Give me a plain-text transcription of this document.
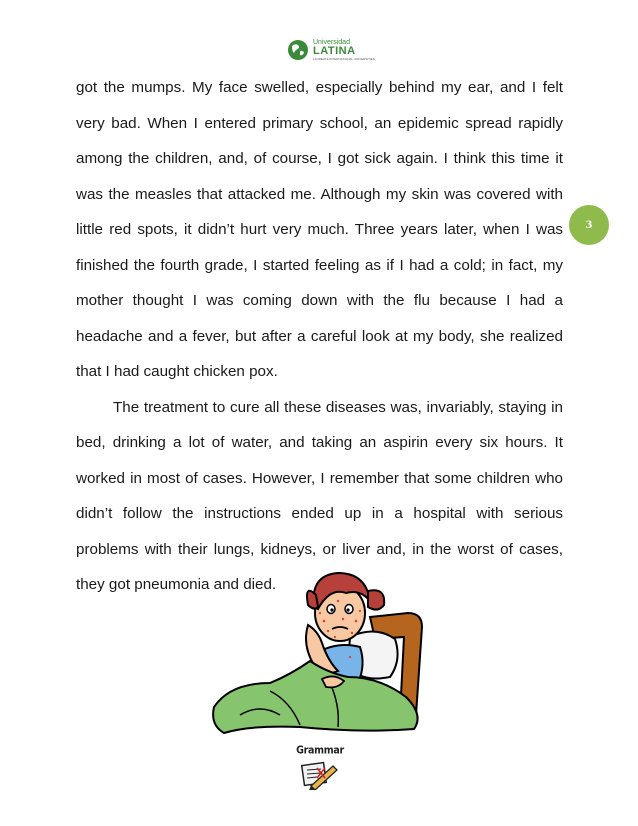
Universidad
LATINA
LAUREATE INTERNATIONAL UNIVERSITIES
3

got the mumps. My face swelled, especially behind my ear, and I felt very bad. When I entered primary school, an epidemic spread rapidly among the children, and, of course, I got sick again. I think this time it was the measles that attacked me. Although my skin was covered with little red spots, it didn’t hurt very much. Three years later, when I was finished the fourth grade, I started feeling as if I had a cold; in fact, my mother thought I was coming down with the flu because I had a headache and a fever, but after a careful look at my body, she realized that I had caught chicken pox.

The treatment to cure all these diseases was, invariably, staying in bed, drinking a lot of water, and taking an aspirin every six hours. It worked in most of cases. However, I remember that some children who didn’t follow the instructions ended up in a hospital with serious problems with their lungs, kidneys, or liver and, in the worst of cases, they got pneumonia and died.

Grammar
